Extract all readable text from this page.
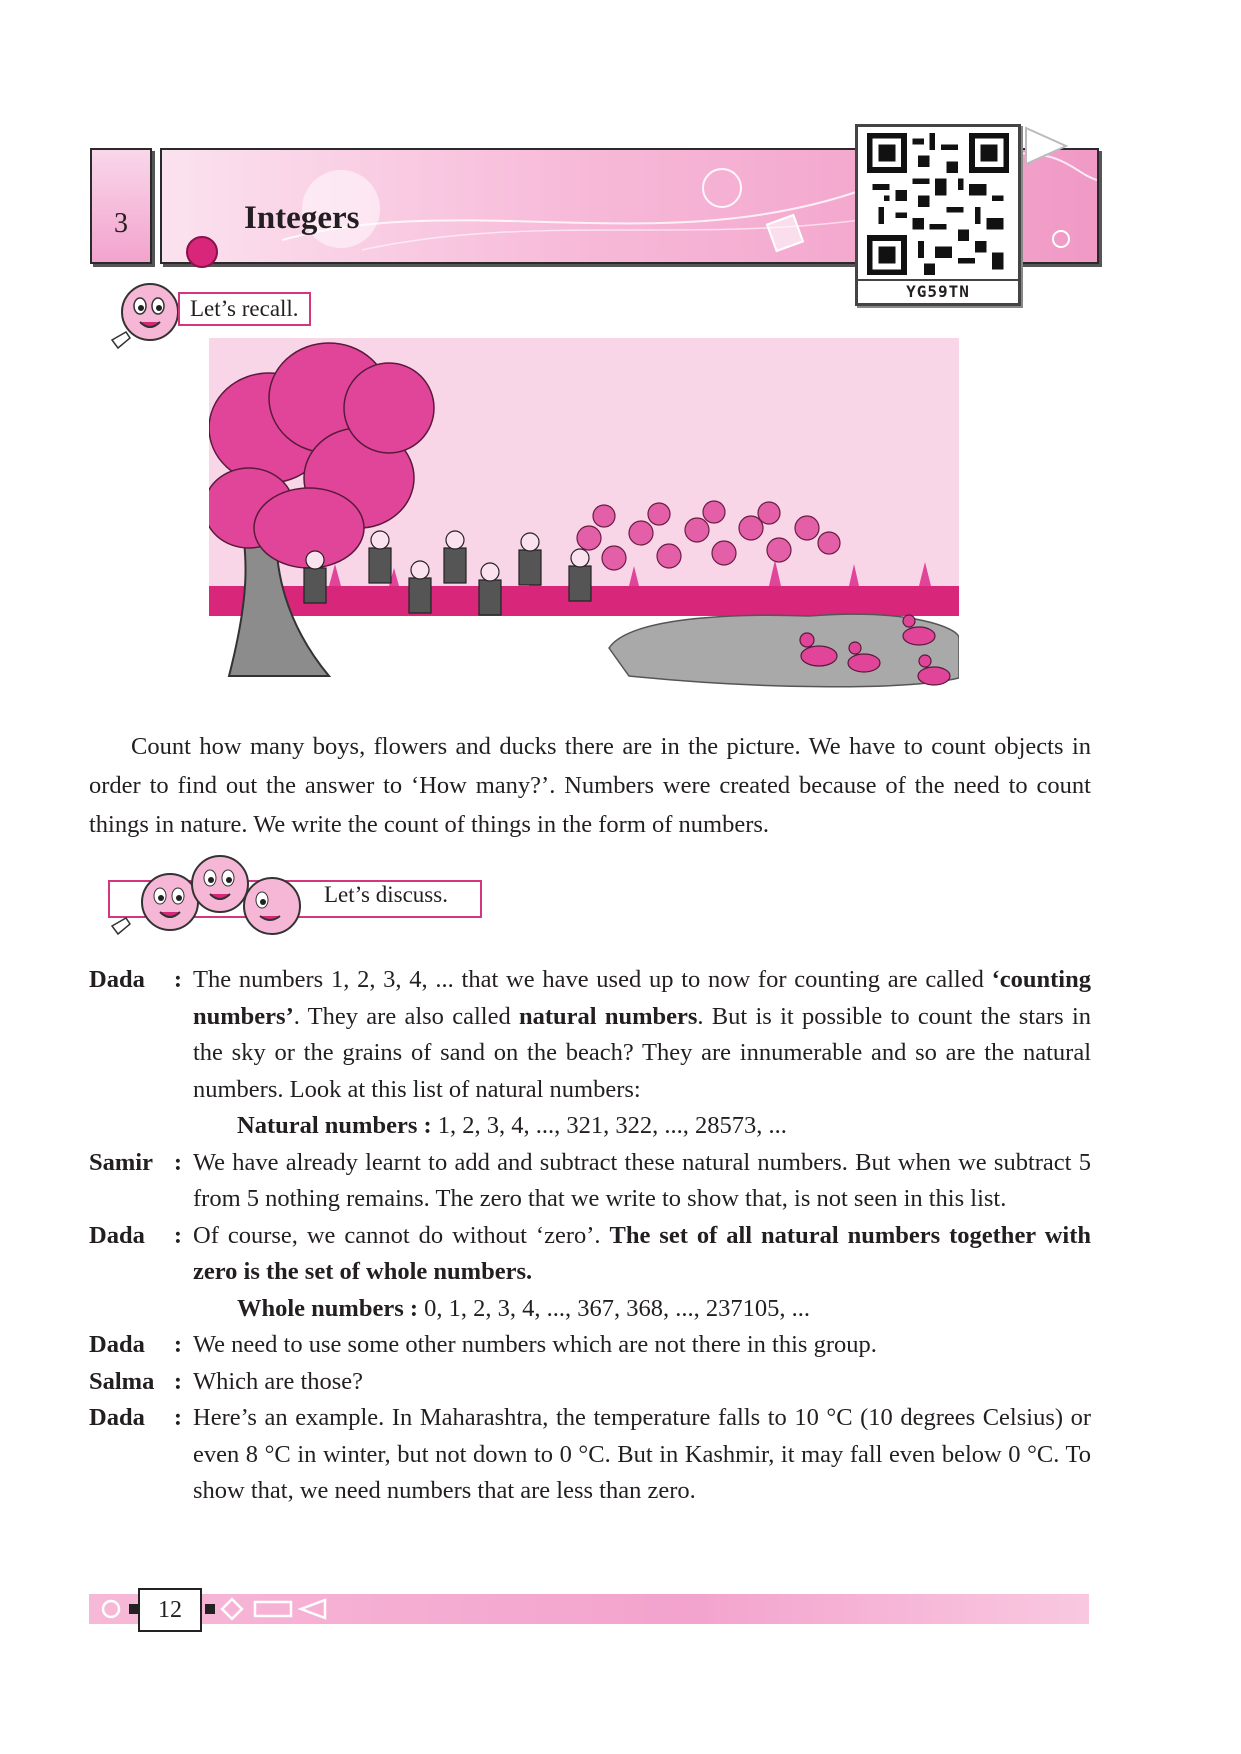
3	Integers
YG59TN
Let’s recall.
Count how many boys, flowers and ducks there are in the picture. We have to count objects in order to find out the answer to ‘How many?’. Numbers were created because of the need to count things in nature. We write the count of things in the form of numbers.
Let’s discuss.
Dada	: The numbers 1, 2, 3, 4, ... that we have used up to now for counting are called ‘counting numbers’. They are also called natural numbers. But is it possible to count the stars in the sky or the grains of sand on the beach? They are innumerable and so are the natural numbers. Look at this list of natural numbers:
Natural numbers : 1, 2, 3, 4, ..., 321, 322, ..., 28573, ...
Samir : We have already learnt to add and subtract these natural numbers. But when we subtract 5 from 5 nothing remains. The zero that we write to show that, is not seen in this list.
Dada	: Of course, we cannot do without ‘zero’. The set of all natural numbers together with zero is the set of whole numbers.
Whole numbers : 0, 1, 2, 3, 4, ..., 367, 368, ..., 237105, ...
Dada	: We need to use some other numbers which are not there in this group.
Salma : Which are those?
Dada	: Here’s an example. In Maharashtra, the temperature falls to 10 °C (10 degrees Celsius) or even 8 °C in winter, but not down to 0 °C. But in Kashmir, it may fall even below 0 °C. To show that, we need numbers that are less than zero.
12
